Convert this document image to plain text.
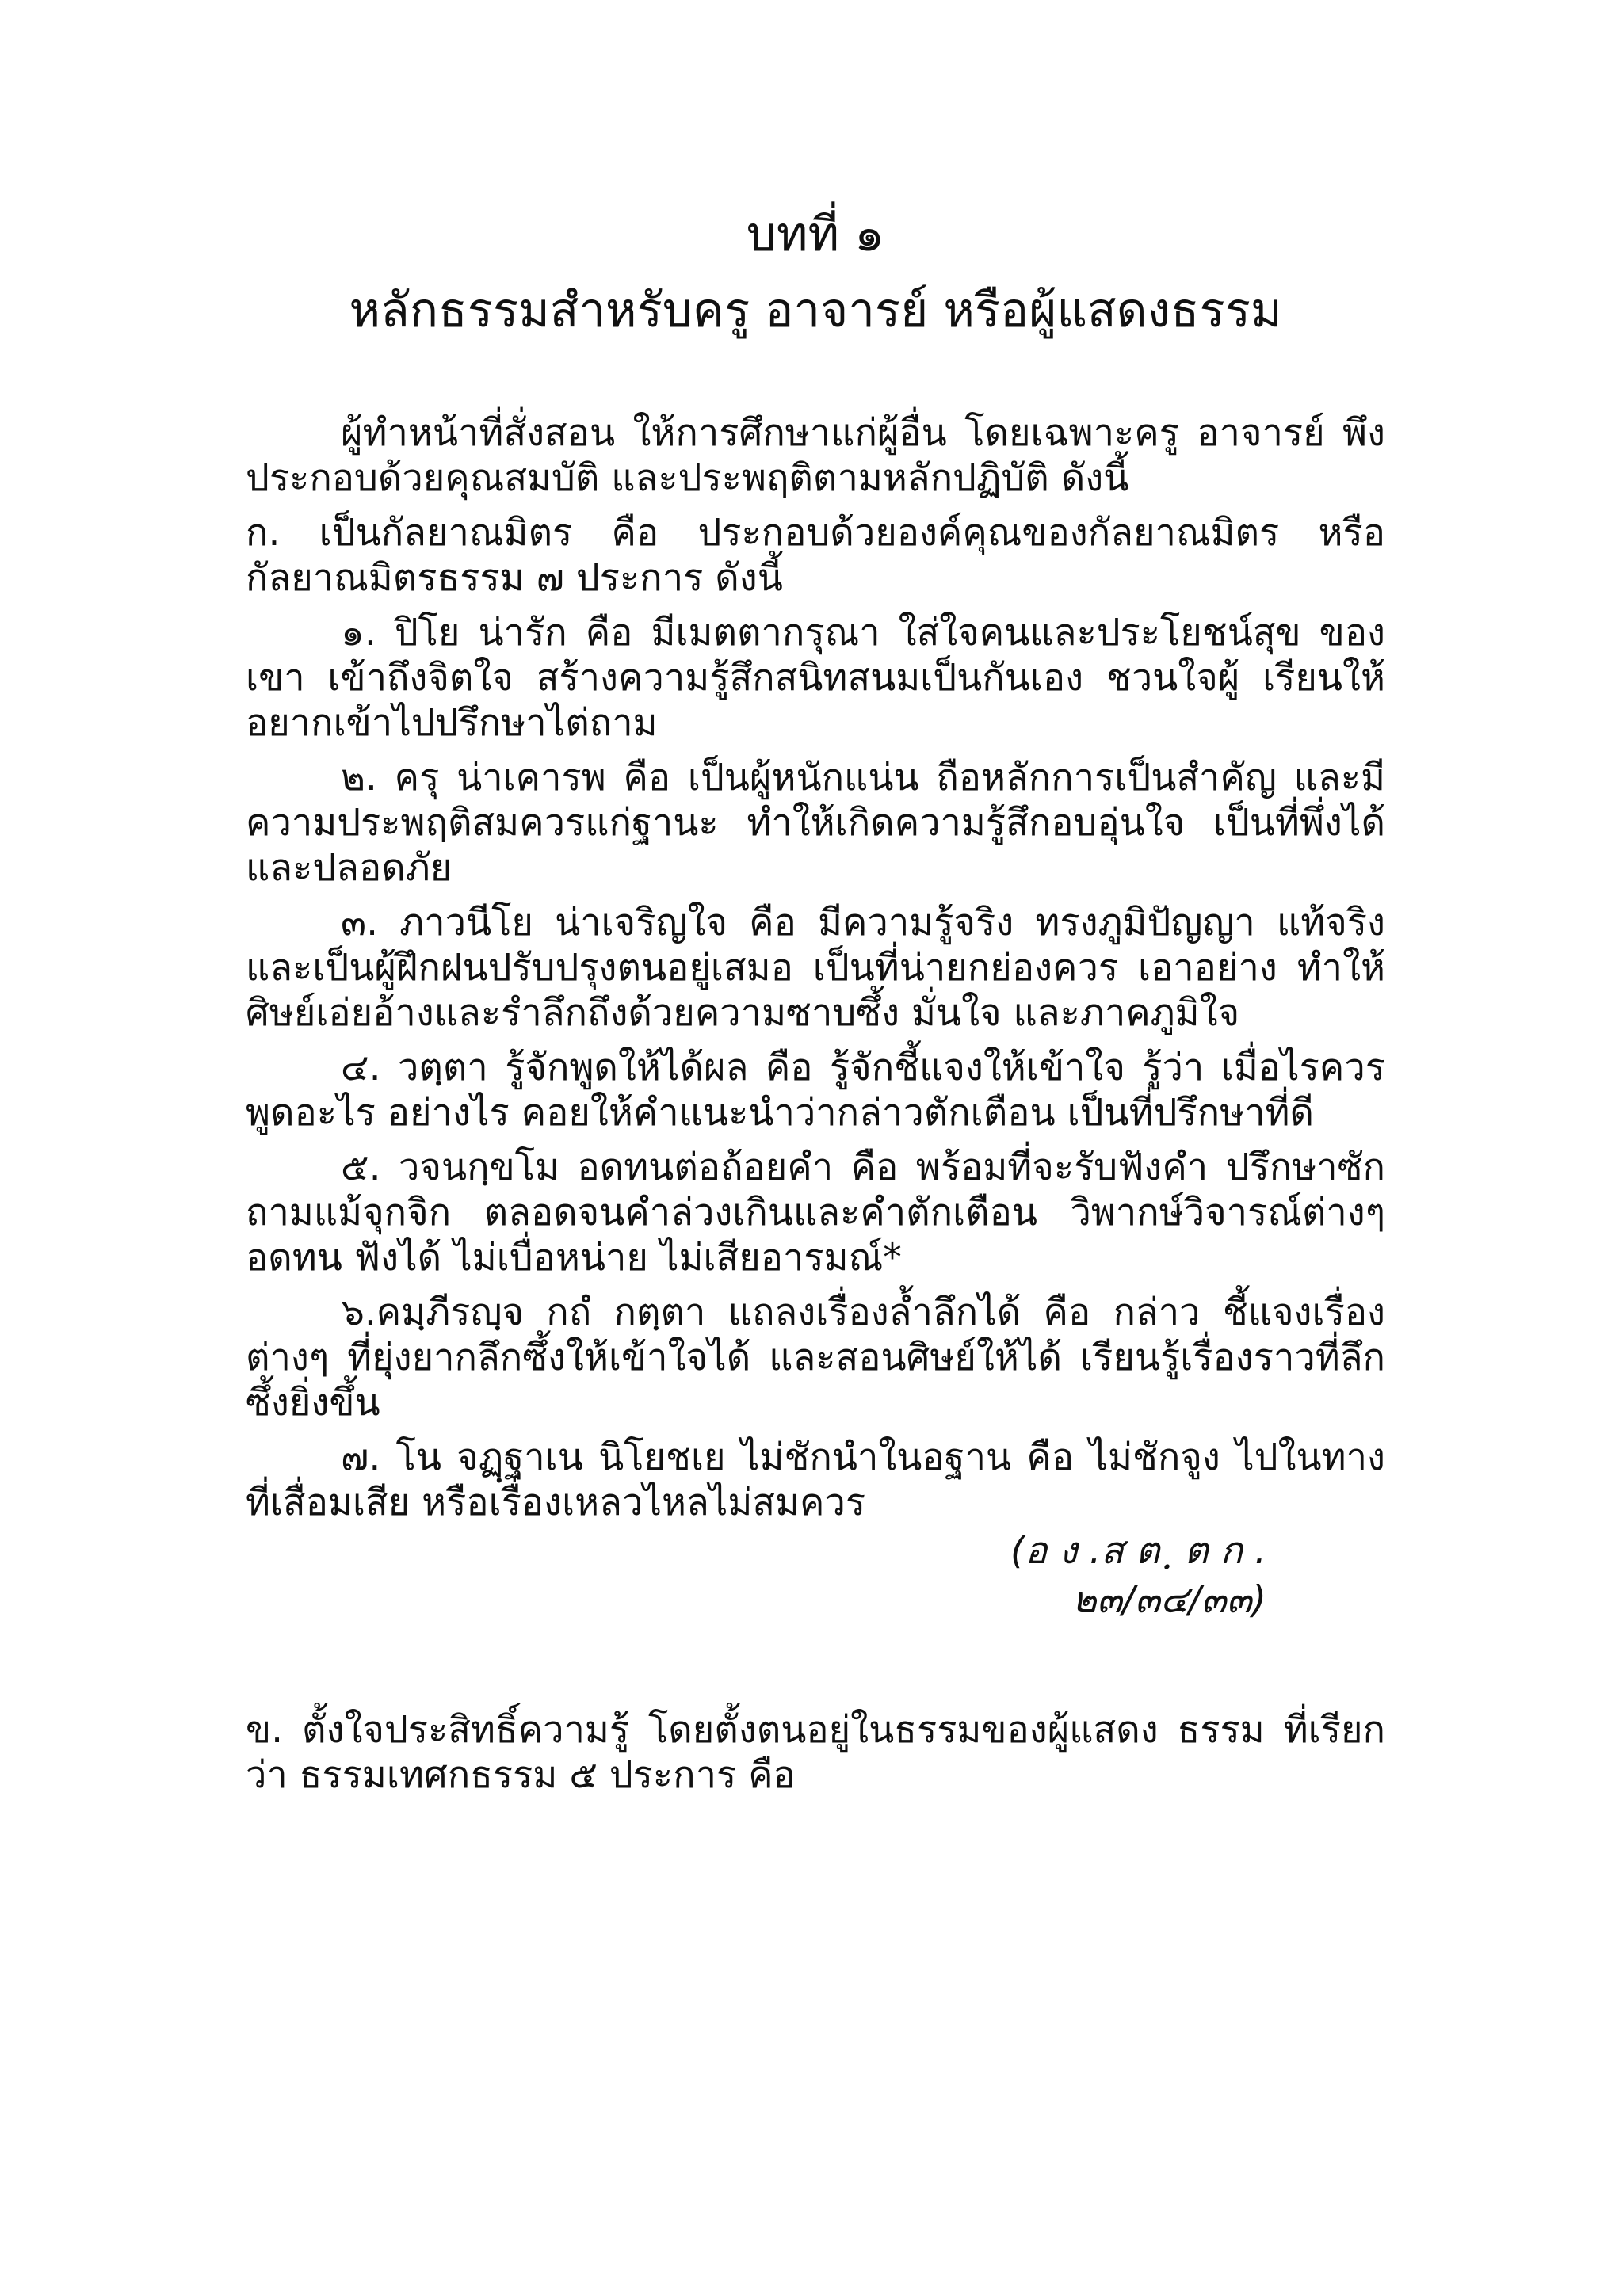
บทที่ ๑
หลักธรรมสำหรับครู อาจารย์ หรือผู้แสดงธรรม

ผู้ทำหน้าที่สั่งสอน ให้การศึกษาแก่ผู้อื่น โดยเฉพาะครู อาจารย์ พึงประกอบด้วยคุณสมบัติ และประพฤติตามหลักปฏิบัติ ดังนี้

ก. เป็นกัลยาณมิตร คือ ประกอบด้วยองค์คุณของกัลยาณมิตร หรือ กัลยาณมิตรธรรม ๗ ประการ ดังนี้

๑. ปิโย น่ารัก คือ มีเมตตากรุณา ใส่ใจคนและประโยชน์สุข ของเขา เข้าถึงจิตใจ สร้างความรู้สึกสนิทสนมเป็นกันเอง ชวนใจผู้ เรียนให้อยากเข้าไปปรึกษาไต่ถาม

๒. ครุ น่าเคารพ คือ เป็นผู้หนักแน่น ถือหลักการเป็นสำคัญ และมีความประพฤติสมควรแก่ฐานะ ทำให้เกิดความรู้สึกอบอุ่นใจ เป็นที่พึ่งได้และปลอดภัย

๓. ภาวนีโย น่าเจริญใจ คือ มีความรู้จริง ทรงภูมิปัญญา แท้จริง และเป็นผู้ฝึกฝนปรับปรุงตนอยู่เสมอ เป็นที่น่ายกย่องควร เอาอย่าง ทำให้ศิษย์เอ่ยอ้างและรำลึกถึงด้วยความซาบซึ้ง มั่นใจ และภาคภูมิใจ

๔. วตฺตา รู้จักพูดให้ได้ผล คือ รู้จักชี้แจงให้เข้าใจ รู้ว่า เมื่อไรควรพูดอะไร อย่างไร คอยให้คำแนะนำว่ากล่าวตักเตือน เป็นที่ปรึกษาที่ดี

๕. วจนกฺขโม อดทนต่อถ้อยคำ คือ พร้อมที่จะรับฟังคำ ปรึกษาซักถามแม้จุกจิก ตลอดจนคำล่วงเกินและคำตักเตือน วิพากษ์วิจารณ์ต่างๆ อดทน ฟังได้ ไม่เบื่อหน่าย ไม่เสียอารมณ์*

๖.คมฺภีรญฺจ กถํ กตฺตา แถลงเรื่องล้ำลึกได้ คือ กล่าว ชี้แจงเรื่องต่างๆ ที่ยุ่งยากลึกซึ้งให้เข้าใจได้ และสอนศิษย์ให้ได้ เรียนรู้เรื่องราวที่ลึกซึ้งยิ่งขึ้น

๗. โน จฏฺฐาเน นิโยชเย ไม่ชักนำในอฐาน คือ ไม่ชักจูง ไปในทางที่เสื่อมเสีย หรือเรื่องเหลวไหลไม่สมควร

(อ ง .ส ต ฺ ต ก .
๒๓/๓๔/๓๓)

ข. ตั้งใจประสิทธิ์ความรู้ โดยตั้งตนอยู่ในธรรมของผู้แสดง ธรรม ที่เรียกว่า ธรรมเทศกธรรม ๕ ประการ คือ
